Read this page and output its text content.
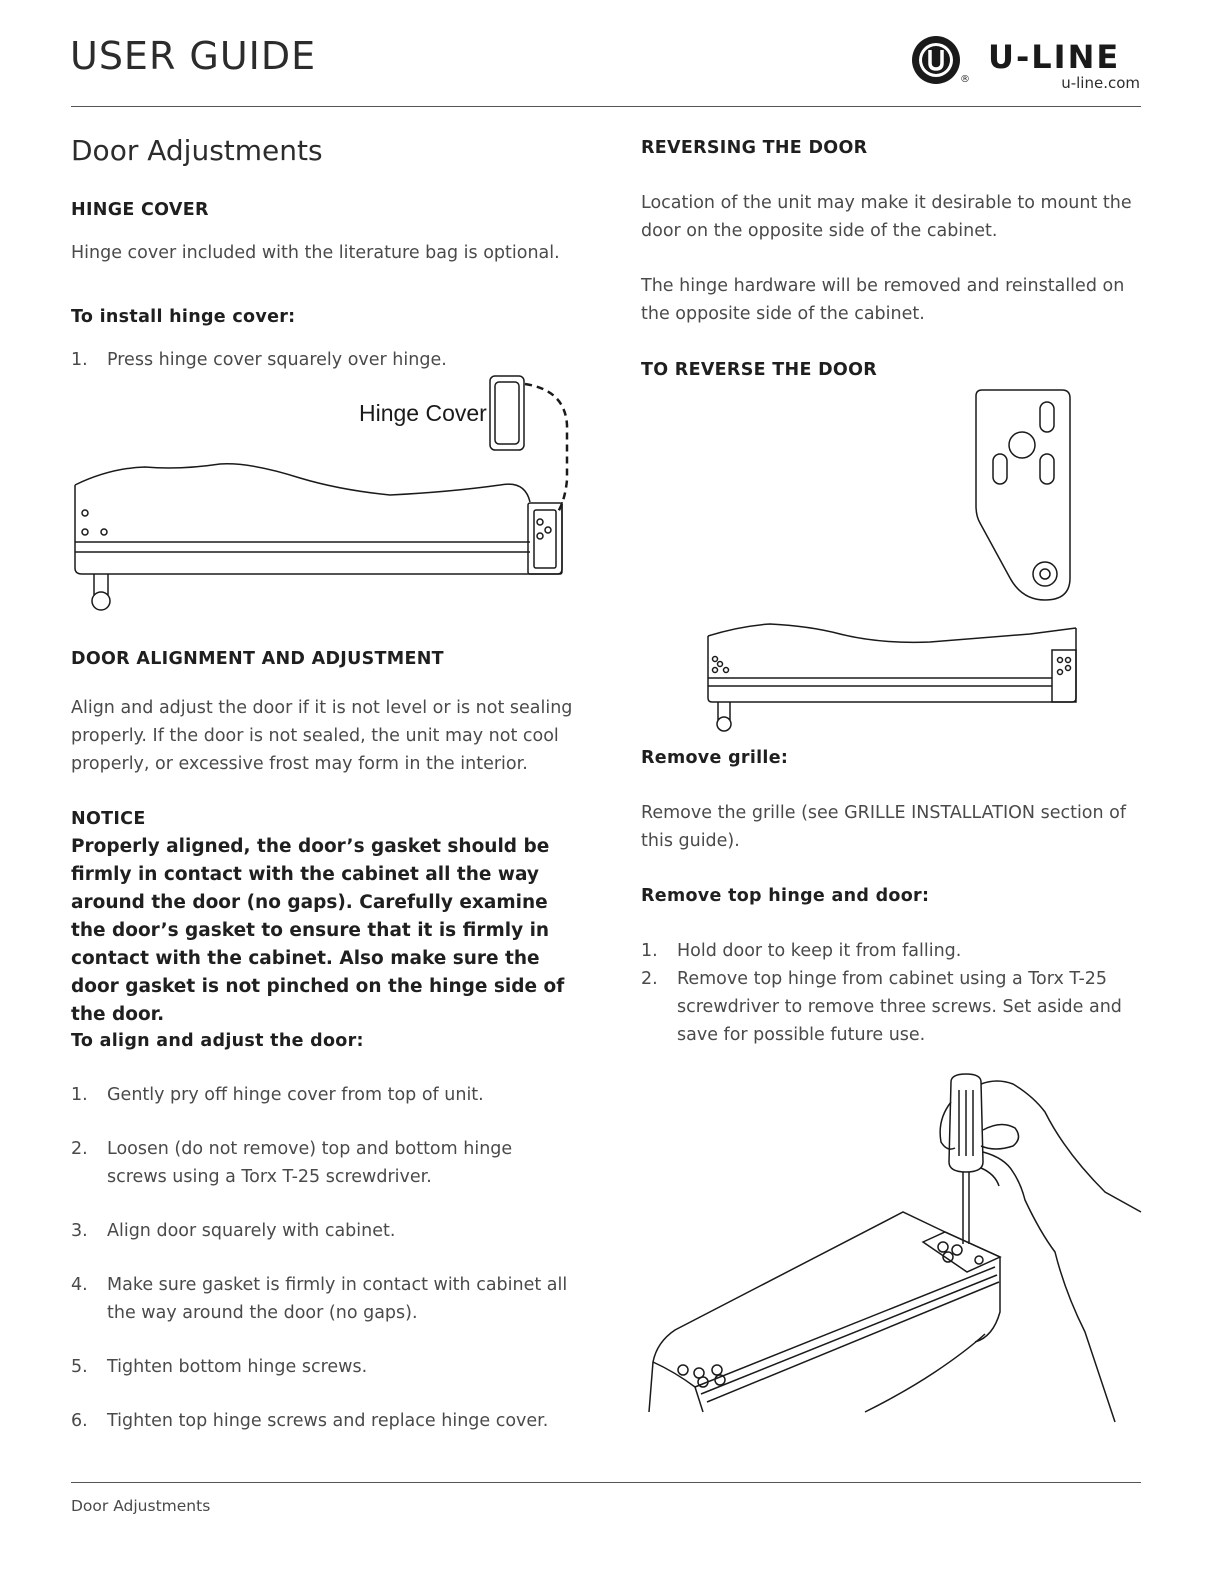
USER GUIDE
®
U-LINE
u-line.com
Door Adjustments
HINGE COVER

Hinge cover included with the literature bag is optional.

To install hinge cover:
1.	Press hinge cover squarely over hinge.
Hinge Cover
DOOR ALIGNMENT AND ADJUSTMENT

Align and adjust the door if it is not level or is not sealing properly. If the door is not sealed, the unit may not cool properly, or excessive frost may form in the interior.

NOTICE

Properly aligned, the door’s gasket should be firmly in contact with the cabinet all the way around the door (no gaps). Carefully examine the door’s gasket to ensure that it is firmly in contact with the cabinet. Also make sure the door gasket is not pinched on the hinge side of the door.

To align and adjust the door:
1.	Gently pry off hinge cover from top of unit.
2.	Loosen (do not remove) top and bottom hinge screws using a Torx T-25 screwdriver.
3.	Align door squarely with cabinet.
4.	Make sure gasket is firmly in contact with cabinet all the way around the door (no gaps).
5.	Tighten bottom hinge screws.
6.	Tighten top hinge screws and replace hinge cover.
REVERSING THE DOOR

Location of the unit may make it desirable to mount the door on the opposite side of the cabinet.

The hinge hardware will be removed and reinstalled on the opposite side of the cabinet.

TO REVERSE THE DOOR
Remove grille:

Remove the grille (see GRILLE INSTALLATION section of this guide).

Remove top hinge and door:
1.	Hold door to keep it from falling.
2.	Remove top hinge from cabinet using a Torx T-25 screwdriver to remove three screws. Set aside and save for possible future use.
Door Adjustments
